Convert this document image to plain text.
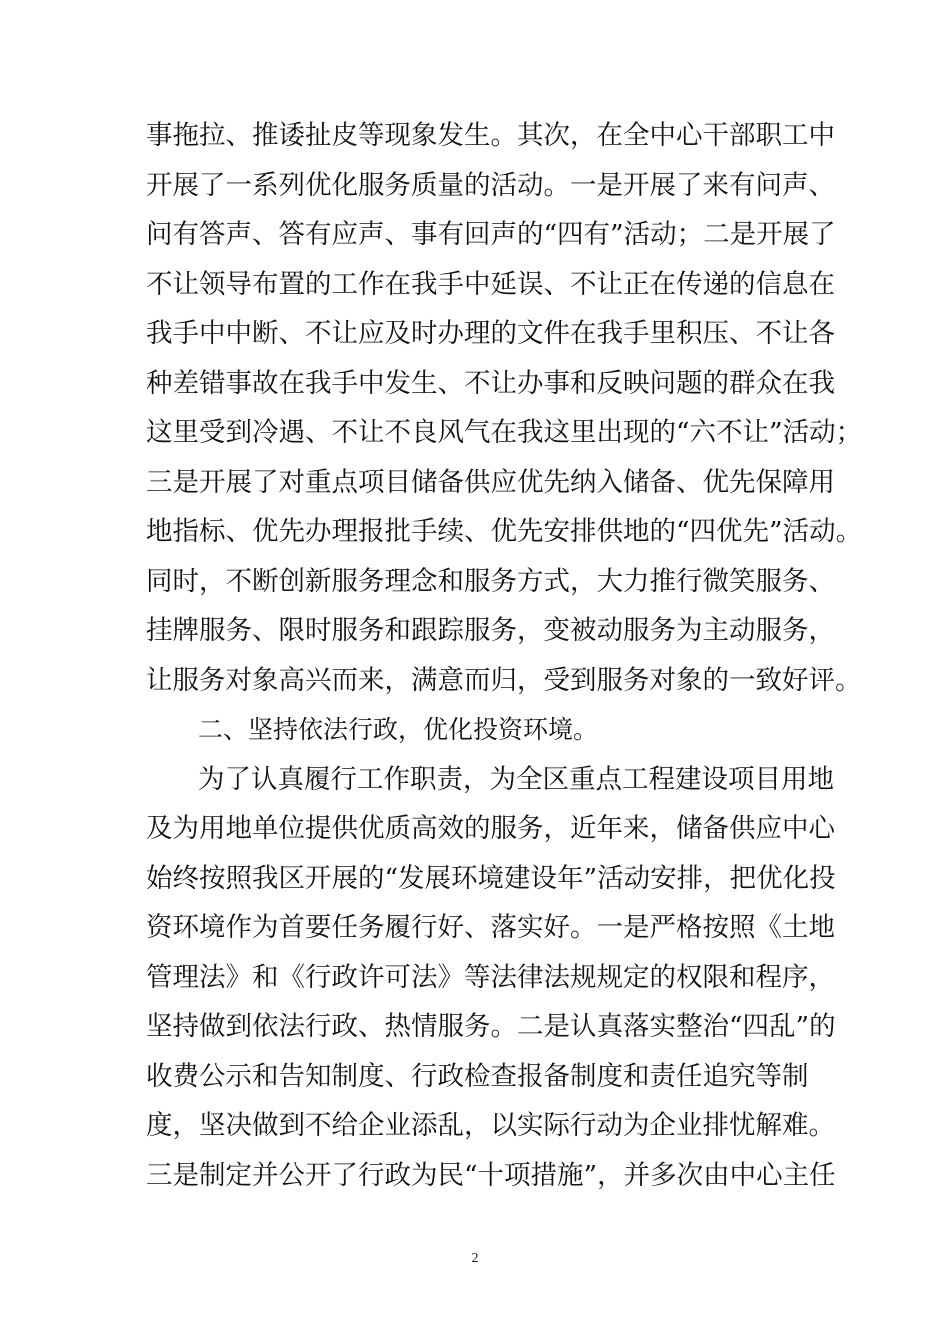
事拖拉、推诿扯皮等现象发生。其次，在全中心干部职工中
开展了一系列优化服务质量的活动。一是开展了来有问声、
问有答声、答有应声、事有回声的“四有”活动；二是开展了
不让领导布置的工作在我手中延误、不让正在传递的信息在
我手中中断、不让应及时办理的文件在我手里积压、不让各
种差错事故在我手中发生、不让办事和反映问题的群众在我
这里受到冷遇、不让不良风气在我这里出现的“六不让”活动；
三是开展了对重点项目储备供应优先纳入储备、优先保障用
地指标、优先办理报批手续、优先安排供地的“四优先”活动。
同时，不断创新服务理念和服务方式，大力推行微笑服务、
挂牌服务、限时服务和跟踪服务，变被动服务为主动服务，
让服务对象高兴而来，满意而归，受到服务对象的一致好评。
二、坚持依法行政，优化投资环境。
为了认真履行工作职责，为全区重点工程建设项目用地
及为用地单位提供优质高效的服务，近年来，储备供应中心
始终按照我区开展的“发展环境建设年”活动安排，把优化投
资环境作为首要任务履行好、落实好。一是严格按照《土地
管理法》和《行政许可法》等法律法规规定的权限和程序，
坚持做到依法行政、热情服务。二是认真落实整治“四乱”的
收费公示和告知制度、行政检查报备制度和责任追究等制
度，坚决做到不给企业添乱，以实际行动为企业排忧解难。
三是制定并公开了行政为民“十项措施”，并多次由中心主任
2
